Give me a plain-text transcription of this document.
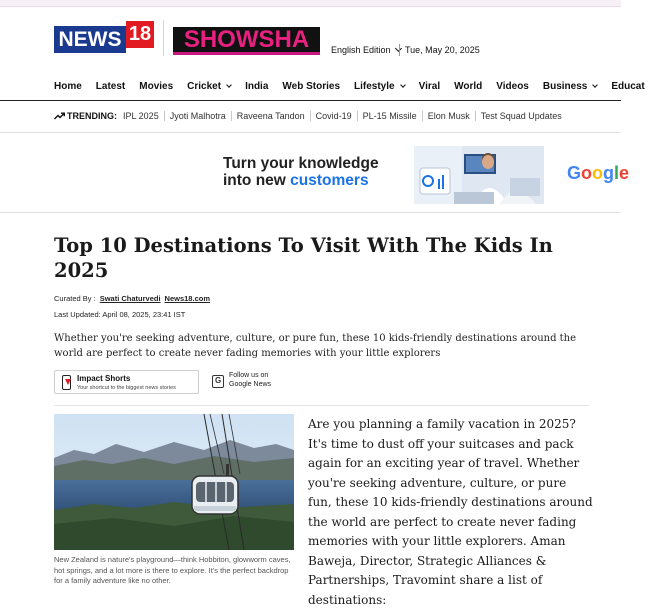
NEWS 18	SHOWSHA	English Edition Tue, May 20, 2025
Home Latest Movies Cricket India Web Stories Lifestyle Viral World Videos Business Educat
TRENDING: IPL 2025	Jyoti Malhotra	Raveena Tandon	Covid-19	PL-15 Missile	Elon Musk	Test Squad Updates
Turn your knowledge
into new customers	Google
Top 10 Destinations To Visit With The Kids In 2025
Curated By : Swati Chaturvedi News18.com
Last Updated: April 08, 2025, 23:41 IST

Whether you're seeking adventure, culture, or pure fun, these 10 kids-friendly destinations around the world are perfect to create never fading memories with your little explorers

Impact Shorts
Your shortcut to the biggest news stories
G
Follow us on
Google News

New Zealand is nature's playground—think Hobbiton, glowworm caves, hot springs, and a lot more is there to explore. It's the perfect backdrop for a family adventure like no other.

Are you planning a family vacation in 2025? It's time to dust off your suitcases and pack again for an exciting year of travel. Whether you're seeking adventure, culture, or pure fun, these 10 kids-friendly destinations around the world are perfect to create never fading memories with your little explorers. Aman Baweja, Director, Strategic Alliances & Partnerships, Travomint share a list of destinations:
